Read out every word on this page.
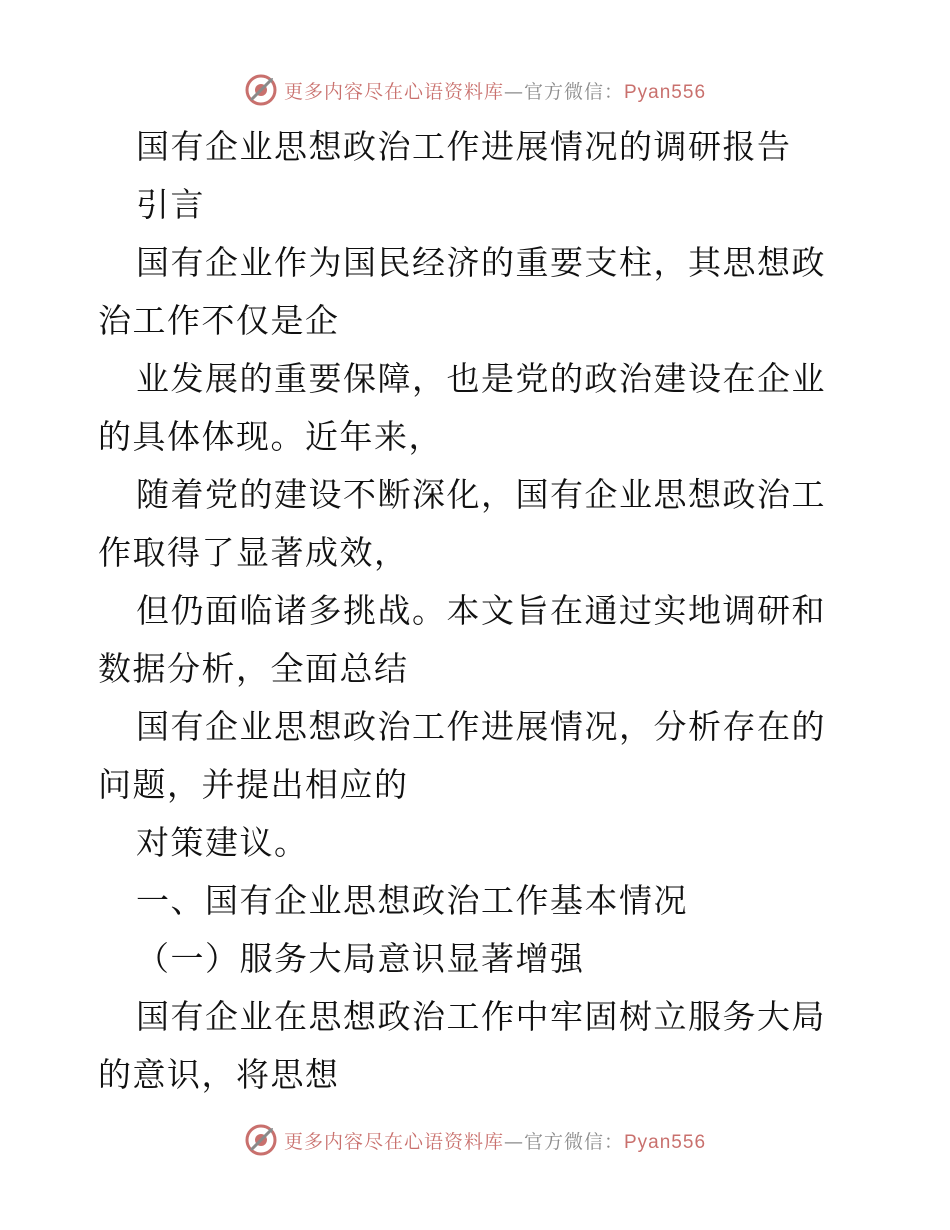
更多内容尽在心语资料库—官方微信：Pyan556

国有企业思想政治工作进展情况的调研报告

引言

国有企业作为国民经济的重要支柱，其思想政治工作不仅是企

业发展的重要保障，也是党的政治建设在企业的具体体现。近年来，

随着党的建设不断深化，国有企业思想政治工作取得了显著成效，

但仍面临诸多挑战。本文旨在通过实地调研和数据分析，全面总结

国有企业思想政治工作进展情况，分析存在的问题，并提出相应的

对策建议。

一、国有企业思想政治工作基本情况

（一）服务大局意识显著增强

国有企业在思想政治工作中牢固树立服务大局的意识，将思想

更多内容尽在心语资料库—官方微信：Pyan556
